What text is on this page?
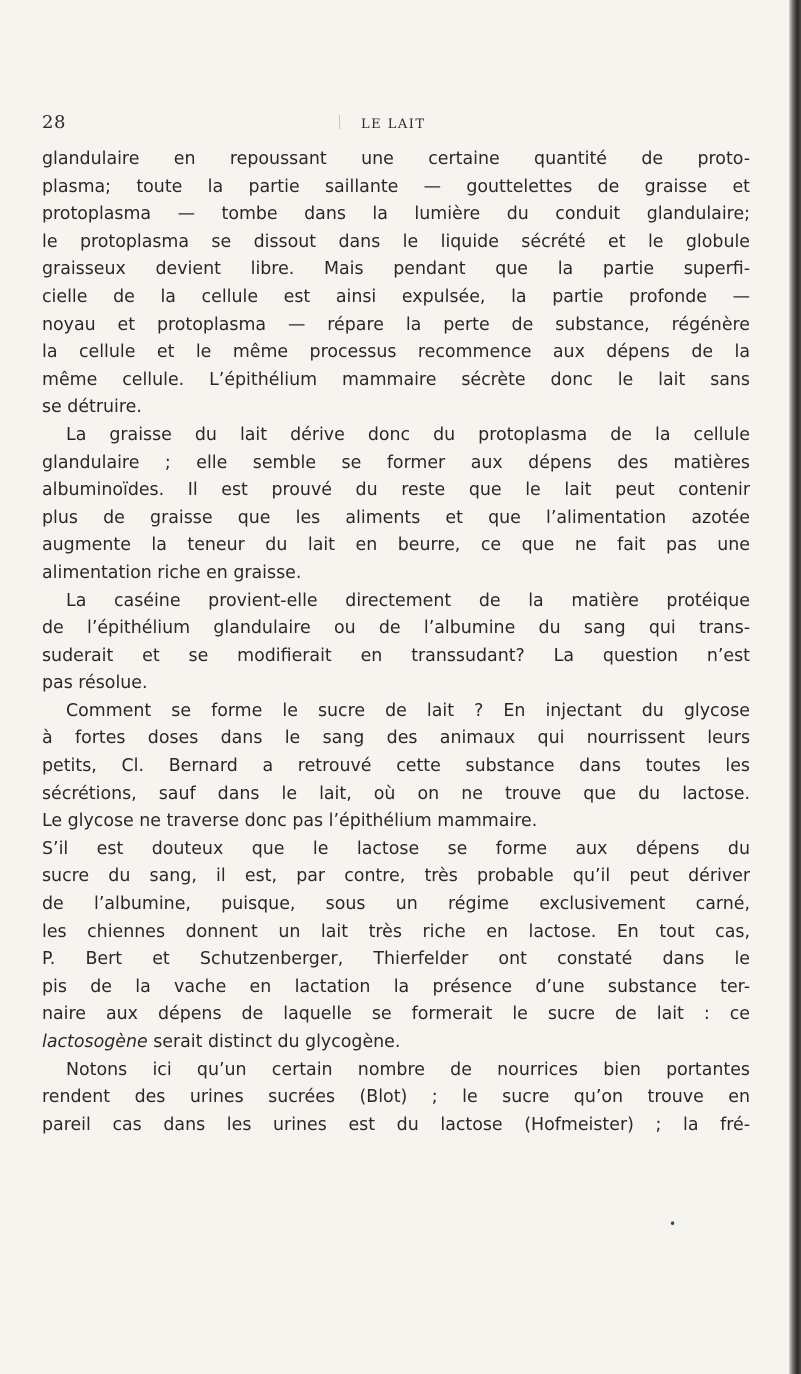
28	LE LAIT
glandulaire en repoussant une certaine quantité de proto-
plasma; toute la partie saillante — gouttelettes de graisse et
protoplasma — tombe dans la lumière du conduit glandulaire;
le protoplasma se dissout dans le liquide sécrété et le globule
graisseux devient libre. Mais pendant que la partie superfi-
cielle de la cellule est ainsi expulsée, la partie profonde —
noyau et protoplasma — répare la perte de substance, régénère
la cellule et le même processus recommence aux dépens de la
même cellule. L’épithélium mammaire sécrète donc le lait sans
se détruire.
La graisse du lait dérive donc du protoplasma de la cellule
glandulaire ; elle semble se former aux dépens des matières
albuminoïdes. Il est prouvé du reste que le lait peut contenir
plus de graisse que les aliments et que l’alimentation azotée
augmente la teneur du lait en beurre, ce que ne fait pas une
alimentation riche en graisse.
La caséine provient-elle directement de la matière protéique
de l’épithélium glandulaire ou de l’albumine du sang qui trans-
suderait et se modifierait en transsudant? La question n’est
pas résolue.
Comment se forme le sucre de lait ? En injectant du glycose
à fortes doses dans le sang des animaux qui nourrissent leurs
petits, Cl. Bernard a retrouvé cette substance dans toutes les
sécrétions, sauf dans le lait, où on ne trouve que du lactose.
Le glycose ne traverse donc pas l’épithélium mammaire.
S’il est douteux que le lactose se forme aux dépens du
sucre du sang, il est, par contre, très probable qu’il peut dériver
de l’albumine, puisque, sous un régime exclusivement carné,
les chiennes donnent un lait très riche en lactose. En tout cas,
P. Bert et Schutzenberger, Thierfelder ont constaté dans le
pis de la vache en lactation la présence d’une substance ter-
naire aux dépens de laquelle se formerait le sucre de lait : ce
lactosogène serait distinct du glycogène.
Notons ici qu’un certain nombre de nourrices bien portantes
rendent des urines sucrées (Blot) ; le sucre qu’on trouve en
pareil cas dans les urines est du lactose (Hofmeister) ; la fré-
•
